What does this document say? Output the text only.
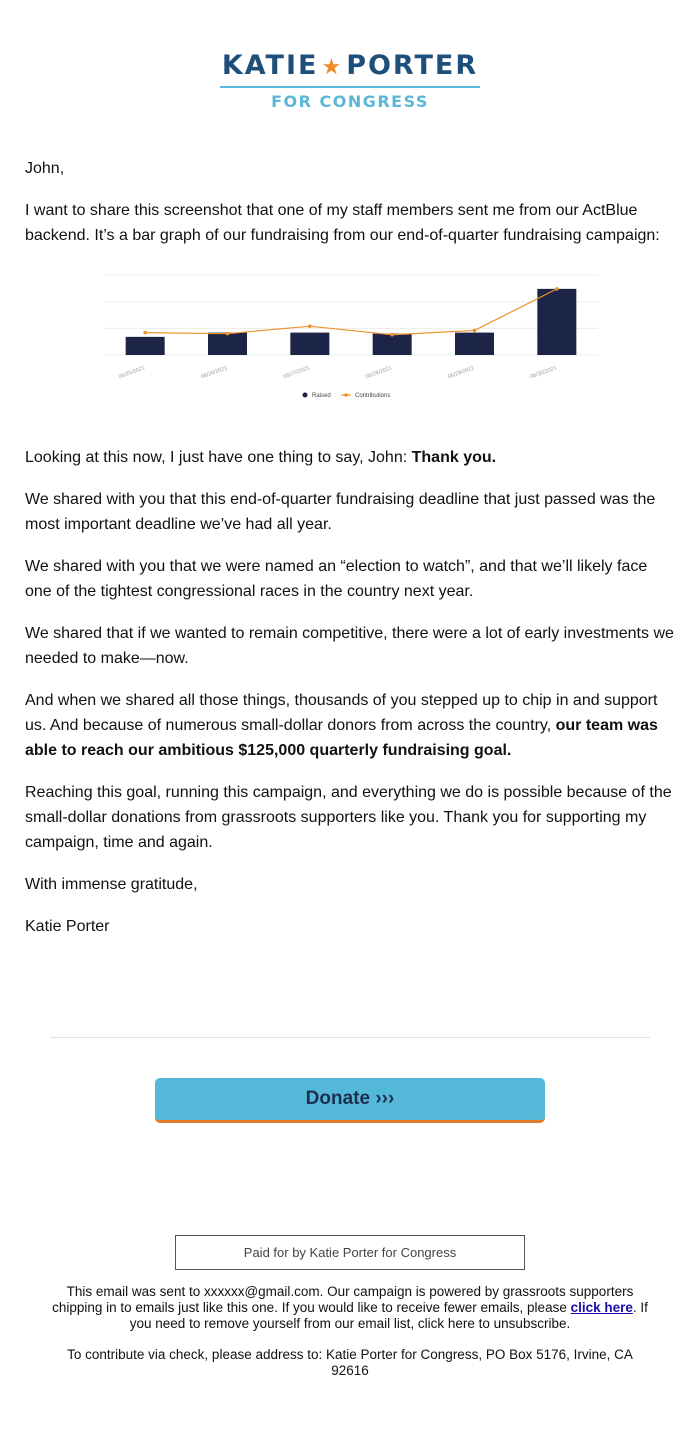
KATIE ★ PORTER
FOR CONGRESS

John,

I want to share this screenshot that one of my staff members sent me from our ActBlue backend. It’s a bar graph of our fundraising from our end-of-quarter fundraising campaign:

06/25/2021	06/26/2021	06/27/2021	06/28/2021	06/29/2021	06/30/2021
Raised	Contributions

Looking at this now, I just have one thing to say, John: Thank you.

We shared with you that this end-of-quarter fundraising deadline that just passed was the most important deadline we’ve had all year.

We shared with you that we were named an “election to watch”, and that we’ll likely face one of the tightest congressional races in the country next year.

We shared that if we wanted to remain competitive, there were a lot of early investments we needed to make—now.

And when we shared all those things, thousands of you stepped up to chip in and support us. And because of numerous small-dollar donors from across the country, our team was able to reach our ambitious $125,000 quarterly fundraising goal.

Reaching this goal, running this campaign, and everything we do is possible because of the small-dollar donations from grassroots supporters like you. Thank you for supporting my campaign, time and again.

With immense gratitude,

Katie Porter

Donate ›››
Paid for by Katie Porter for Congress

This email was sent to xxxxxx@gmail.com. Our campaign is powered by grassroots supporters chipping in to emails just like this one. If you would like to receive fewer emails, please click here. If you need to remove yourself from our email list, click here to unsubscribe.

To contribute via check, please address to: Katie Porter for Congress, PO Box 5176, Irvine, CA 92616
